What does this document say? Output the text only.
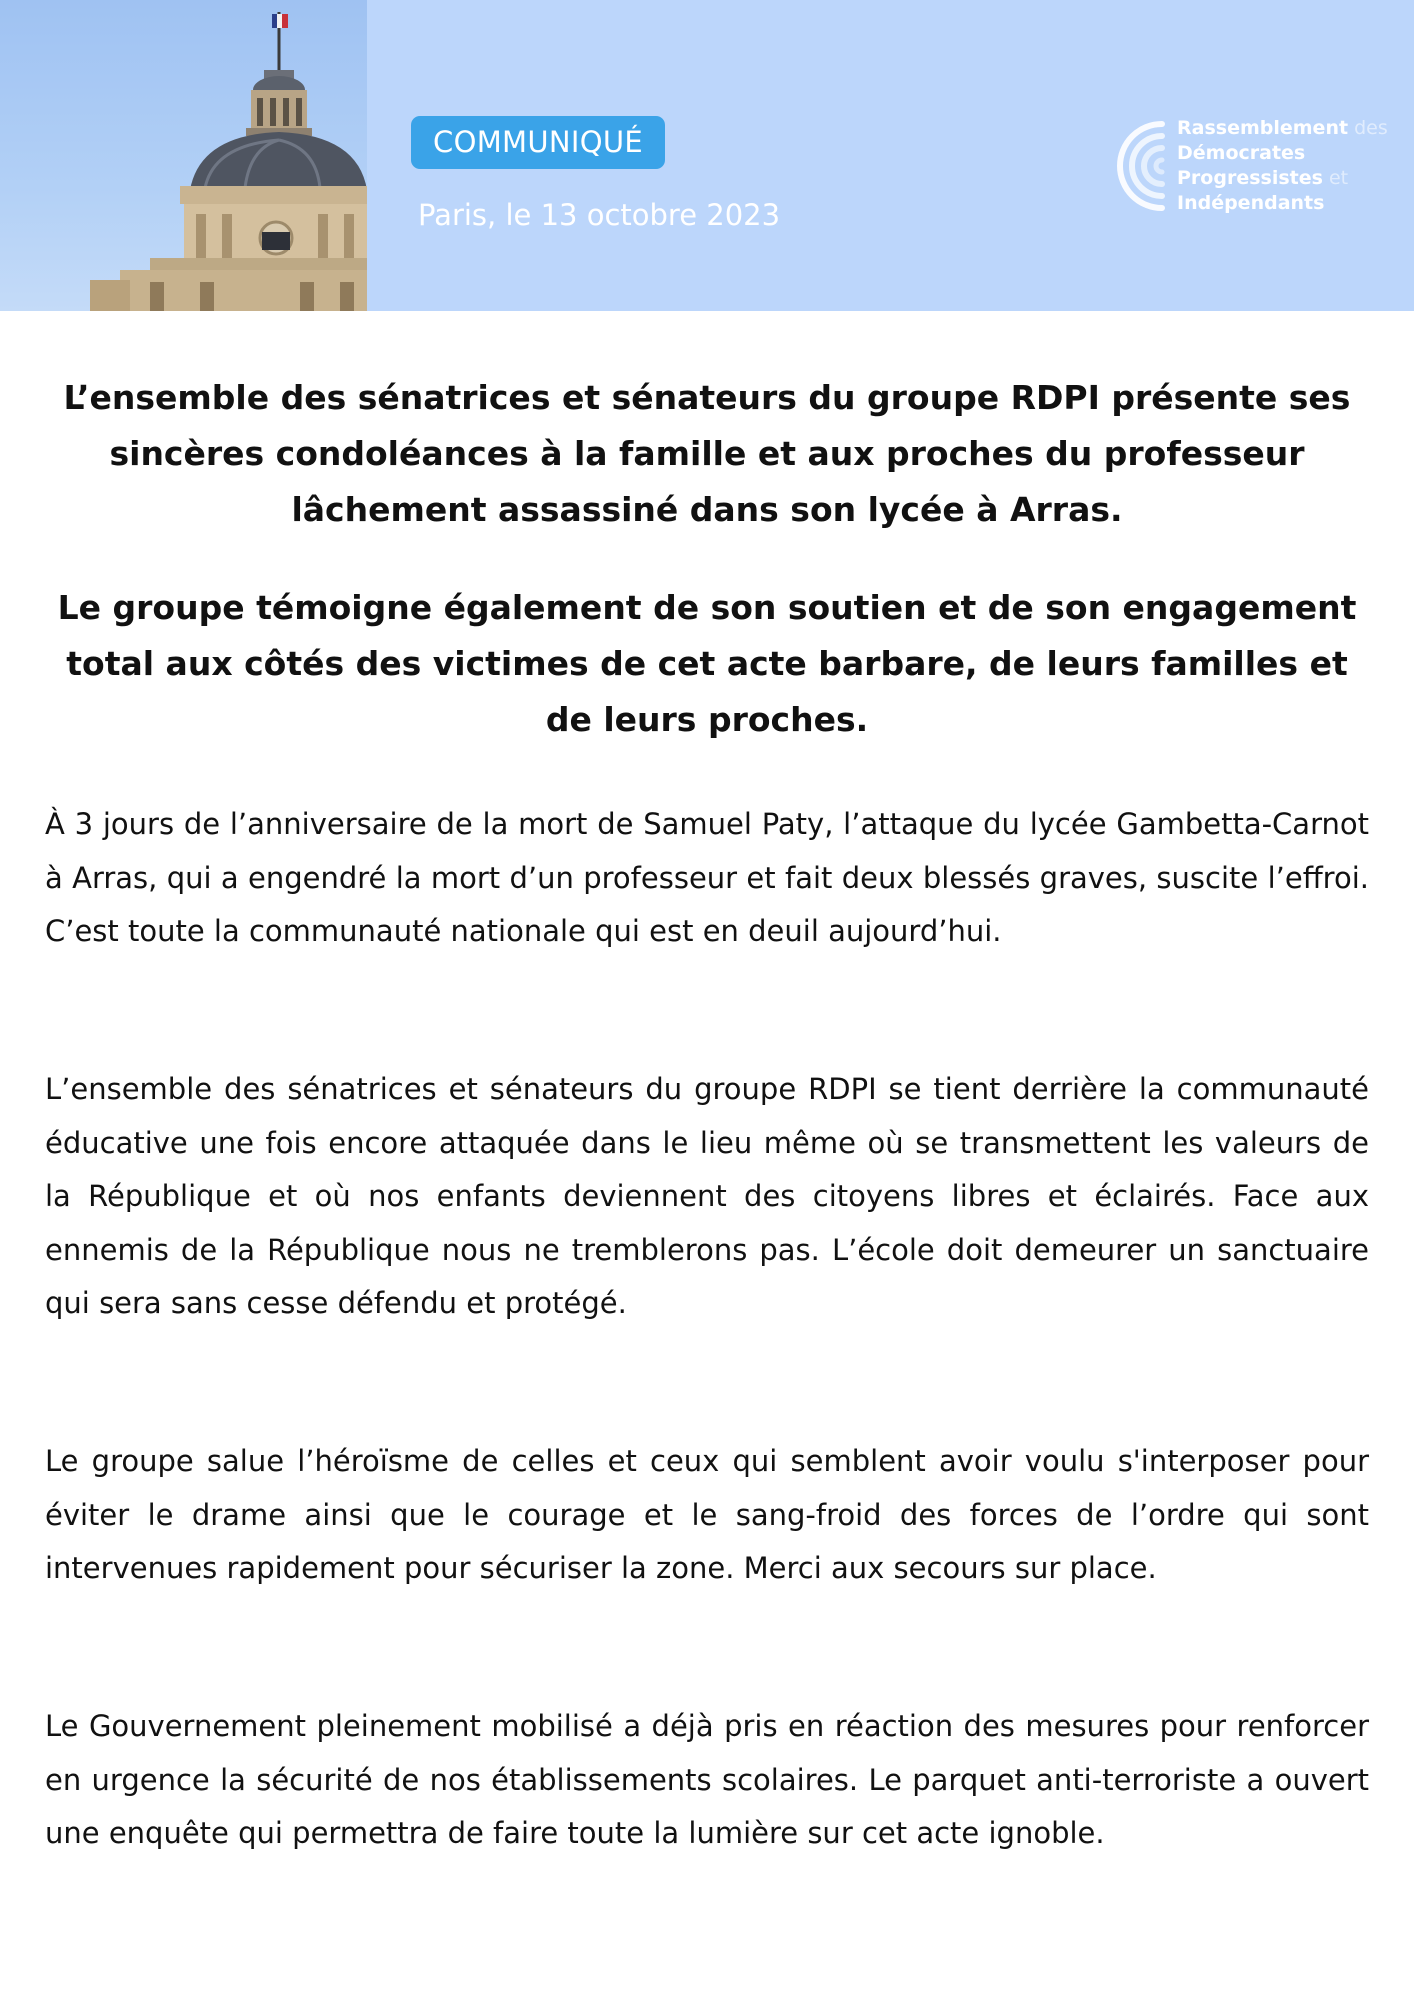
COMMUNIQUÉ
Paris, le 13 octobre 2023
Rassemblement des
Démocrates
Progressistes et
Indépendants

L’ensemble des sénatrices et sénateurs du groupe RDPI présente ses sincères condoléances à la famille et aux proches du professeur lâchement assassiné dans son lycée à Arras.

Le groupe témoigne également de son soutien et de son engagement total aux côtés des victimes de cet acte barbare, de leurs familles et de leurs proches.

À 3 jours de l’anniversaire de la mort de Samuel Paty, l’attaque du lycée Gambetta-Carnot à Arras, qui a engendré la mort d’un professeur et fait deux blessés graves, suscite l’effroi. C’est toute la communauté nationale qui est en deuil aujourd’hui.

L’ensemble des sénatrices et sénateurs du groupe RDPI se tient derrière la communauté éducative une fois encore attaquée dans le lieu même où se transmettent les valeurs de la République et où nos enfants deviennent des citoyens libres et éclairés. Face aux ennemis de la République nous ne tremblerons pas. L’école doit demeurer un sanctuaire qui sera sans cesse défendu et protégé.

Le groupe salue l’héroïsme de celles et ceux qui semblent avoir voulu s'interposer pour éviter le drame ainsi que le courage et le sang-froid des forces de l’ordre qui sont intervenues rapidement pour sécuriser la zone. Merci aux secours sur place.

Le Gouvernement pleinement mobilisé a déjà pris en réaction des mesures pour renforcer en urgence la sécurité de nos établissements scolaires. Le parquet anti-terroriste a ouvert une enquête qui permettra de faire toute la lumière sur cet acte ignoble.
